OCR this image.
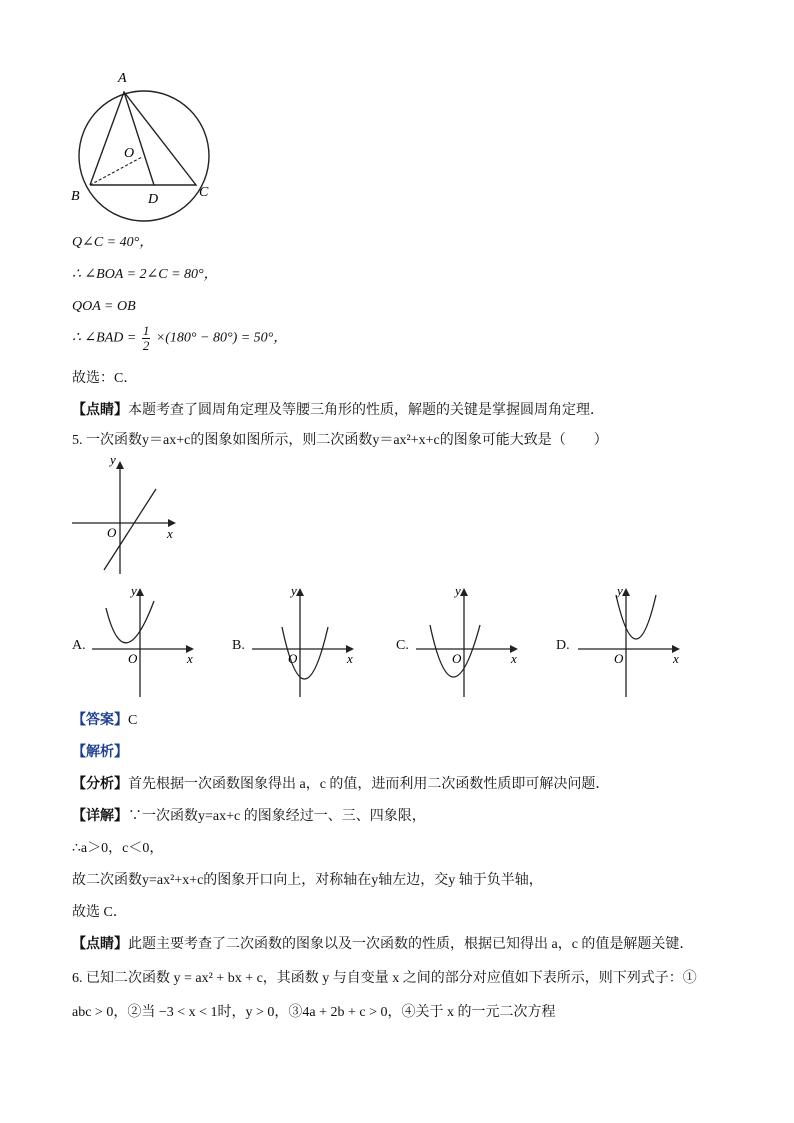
A
O
B	D	C
Q∠C = 40°，
∴ ∠BOA = 2∠C = 80°，
QOA = OB
∴ ∠BAD = $\frac{1}{2} \times(180^\circ - 80^\circ) = 50^\circ$，
故选：C．
【点睛】本题考查了圆周角定理及等腰三角形的性质，解题的关键是掌握圆周角定理．
5. 一次函数y＝ax+c的图象如图所示，则二次函数y＝ax²+x+c的图象可能大致是（　　）
y
x
O
A.
y
x
O
B.
y
x
O
C.
y
x
O
D.
y
x
O
【答案】C
【解析】
【分析】首先根据一次函数图象得出 a，c 的值，进而利用二次函数性质即可解决问题．
【详解】∵一次函数y=ax+c 的图象经过一、三、四象限，
∴a＞0，c＜0，
故二次函数y=ax²+x+c的图象开口向上，对称轴在y轴左边，交y 轴于负半轴，
故选 C．
【点睛】此题主要考查了二次函数的图象以及一次函数的性质，根据已知得出 a，c 的值是解题关键．
6. 已知二次函数 y = ax² + bx + c，其函数 y 与自变量 x 之间的部分对应值如下表所示，则下列式子：①
abc > 0，②当 −3 < x < 1时，y > 0，③4a + 2b + c > 0，④关于 x 的一元二次方程
